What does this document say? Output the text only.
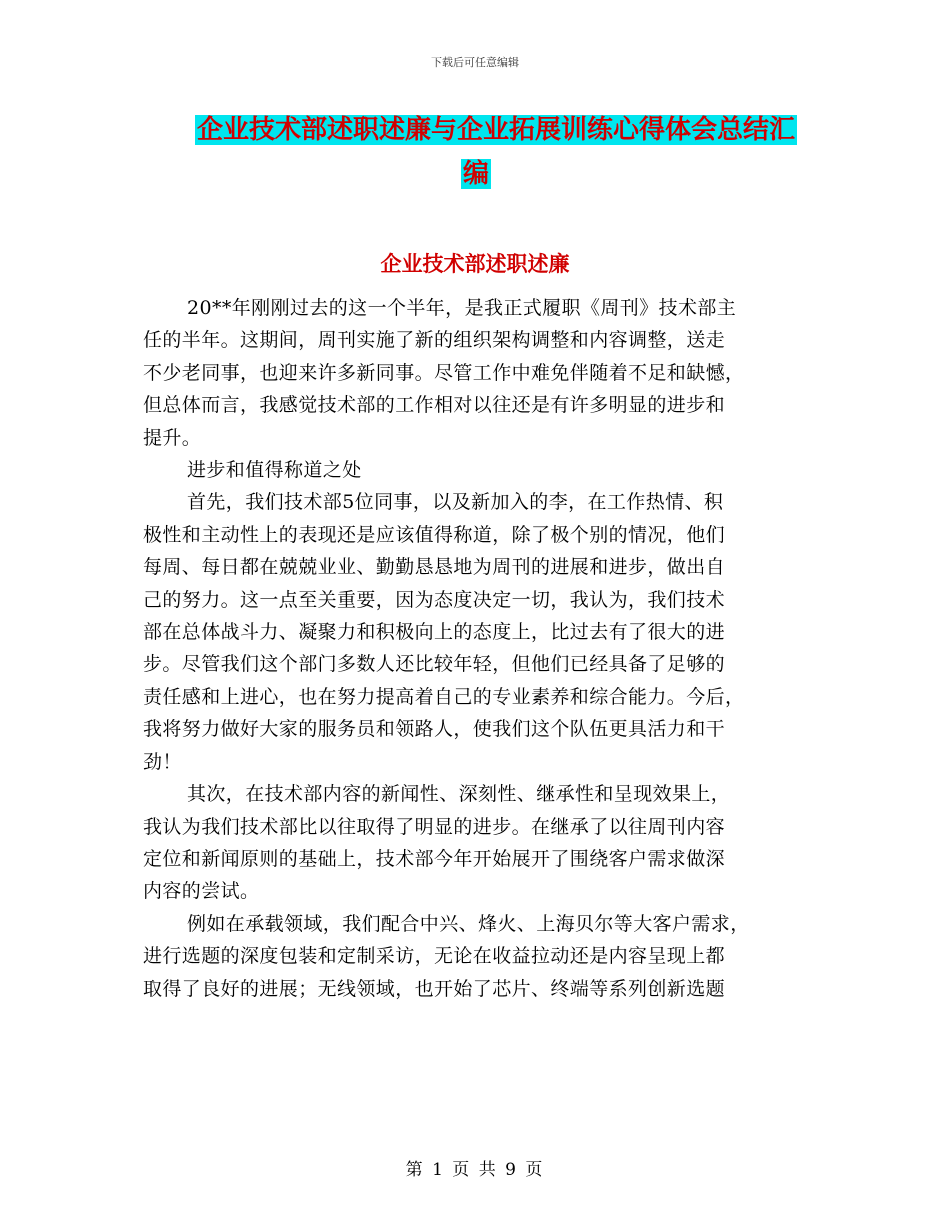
下载后可任意编辑
企业技术部述职述廉与企业拓展训练心得体会总结汇
编
企业技术部述职述廉
20**年刚刚过去的这一个半年，是我正式履职《周刊》技术部主
任的半年。这期间，周刊实施了新的组织架构调整和内容调整，送走
不少老同事，也迎来许多新同事。尽管工作中难免伴随着不足和缺憾，
但总体而言，我感觉技术部的工作相对以往还是有许多明显的进步和
提升。
进步和值得称道之处
首先，我们技术部5位同事，以及新加入的李，在工作热情、积
极性和主动性上的表现还是应该值得称道，除了极个别的情况，他们
每周、每日都在兢兢业业、勤勤恳恳地为周刊的进展和进步，做出自
己的努力。这一点至关重要，因为态度决定一切，我认为，我们技术
部在总体战斗力、凝聚力和积极向上的态度上，比过去有了很大的进
步。尽管我们这个部门多数人还比较年轻，但他们已经具备了足够的
责任感和上进心，也在努力提高着自己的专业素养和综合能力。今后，
我将努力做好大家的服务员和领路人，使我们这个队伍更具活力和干
劲！
其次，在技术部内容的新闻性、深刻性、继承性和呈现效果上，
我认为我们技术部比以往取得了明显的进步。在继承了以往周刊内容
定位和新闻原则的基础上，技术部今年开始展开了围绕客户需求做深
内容的尝试。
例如在承载领域，我们配合中兴、烽火、上海贝尔等大客户需求，
进行选题的深度包装和定制采访，无论在收益拉动还是内容呈现上都
取得了良好的进展；无线领域，也开始了芯片、终端等系列创新选题
第 1 页 共 9 页
